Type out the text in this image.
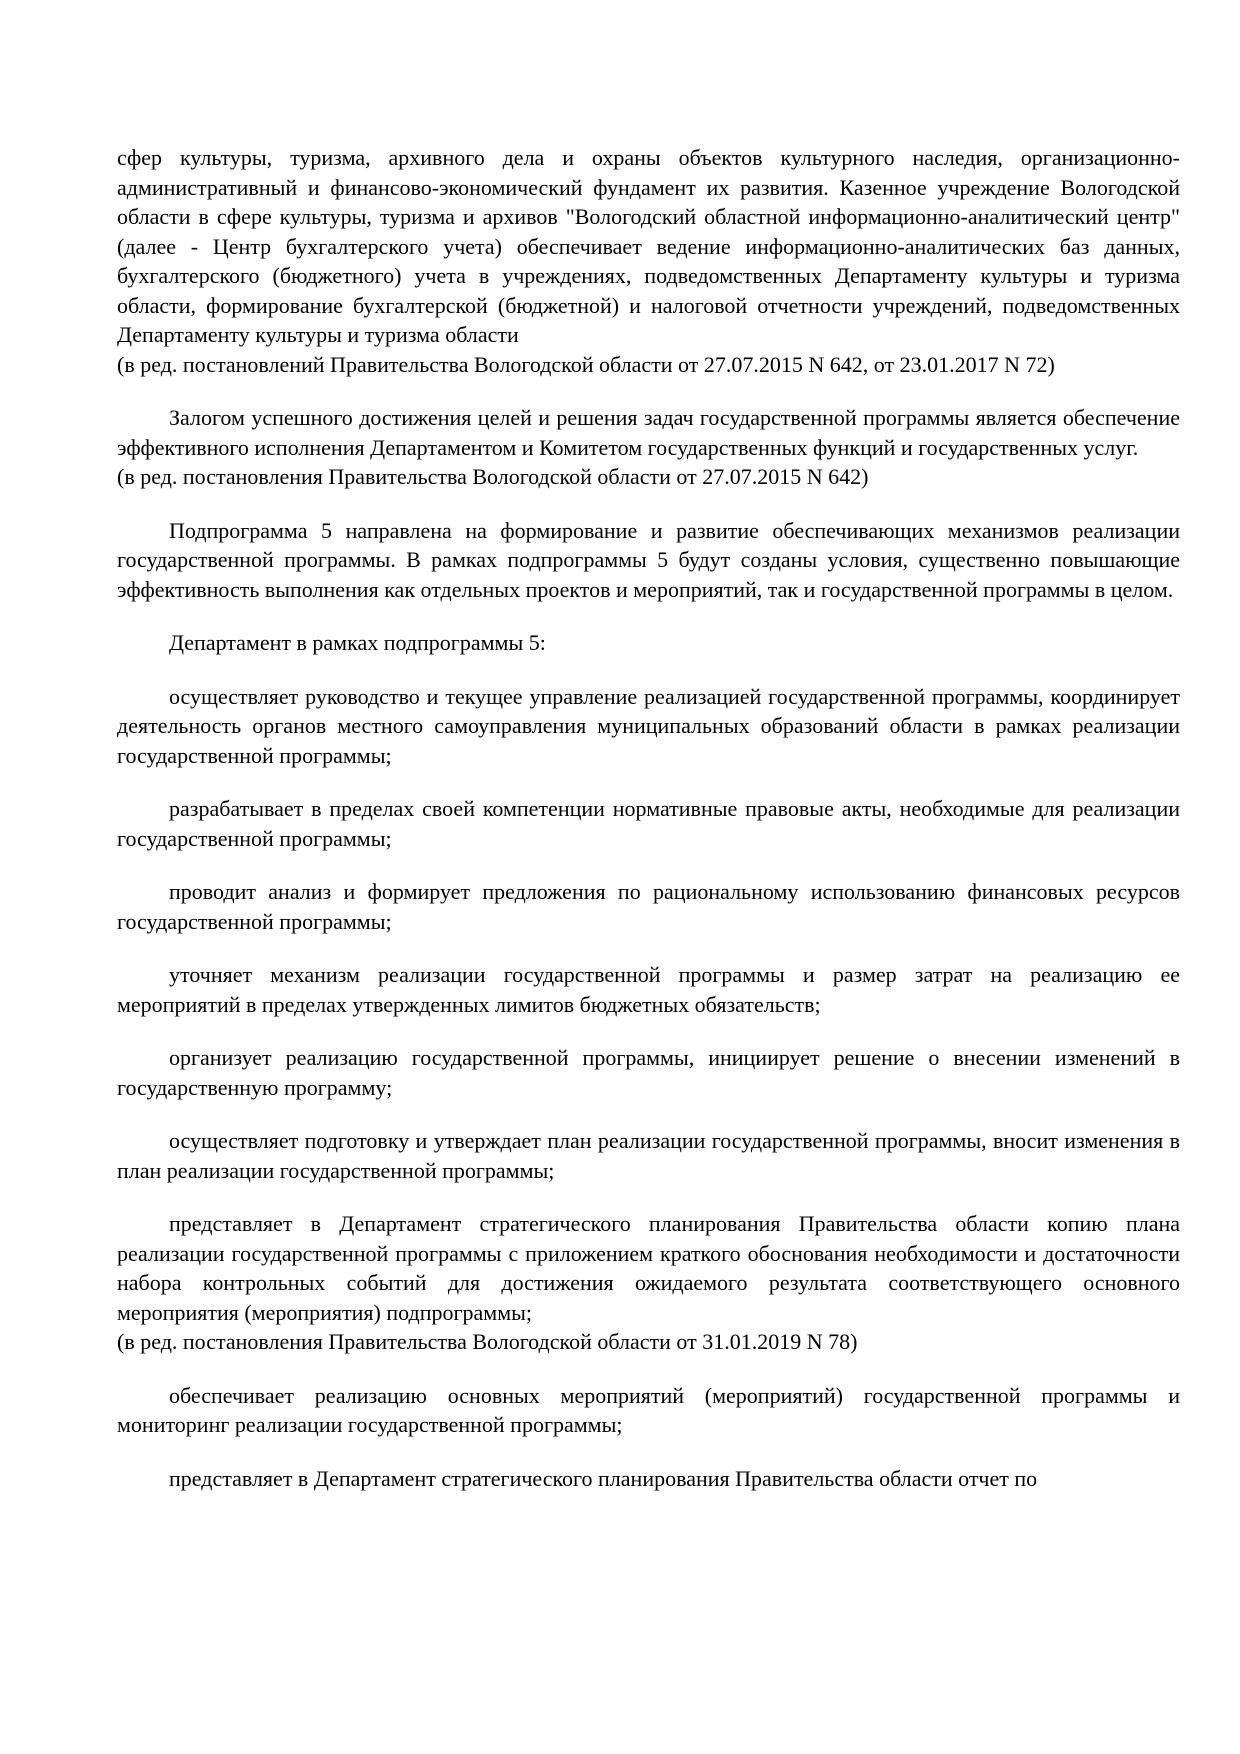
сфер культуры, туризма, архивного дела и охраны объектов культурного наследия, организационно-административный и финансово-экономический фундамент их развития. Казенное учреждение Вологодской области в сфере культуры, туризма и архивов "Вологодский областной информационно-аналитический центр" (далее - Центр бухгалтерского учета) обеспечивает ведение информационно-аналитических баз данных, бухгалтерского (бюджетного) учета в учреждениях, подведомственных Департаменту культуры и туризма области, формирование бухгалтерской (бюджетной) и налоговой отчетности учреждений, подведомственных Департаменту культуры и туризма области

(в ред. постановлений Правительства Вологодской области от 27.07.2015 N 642, от 23.01.2017 N 72)

Залогом успешного достижения целей и решения задач государственной программы является обеспечение эффективного исполнения Департаментом и Комитетом государственных функций и государственных услуг.

(в ред. постановления Правительства Вологодской области от 27.07.2015 N 642)

Подпрограмма 5 направлена на формирование и развитие обеспечивающих механизмов реализации государственной программы. В рамках подпрограммы 5 будут созданы условия, существенно повышающие эффективность выполнения как отдельных проектов и мероприятий, так и государственной программы в целом.

Департамент в рамках подпрограммы 5:

осуществляет руководство и текущее управление реализацией государственной программы, координирует деятельность органов местного самоуправления муниципальных образований области в рамках реализации государственной программы;

разрабатывает в пределах своей компетенции нормативные правовые акты, необходимые для реализации государственной программы;

проводит анализ и формирует предложения по рациональному использованию финансовых ресурсов государственной программы;

уточняет механизм реализации государственной программы и размер затрат на реализацию ее мероприятий в пределах утвержденных лимитов бюджетных обязательств;

организует реализацию государственной программы, инициирует решение о внесении изменений в государственную программу;

осуществляет подготовку и утверждает план реализации государственной программы, вносит изменения в план реализации государственной программы;

представляет в Департамент стратегического планирования Правительства области копию плана реализации государственной программы с приложением краткого обоснования необходимости и достаточности набора контрольных событий для достижения ожидаемого результата соответствующего основного мероприятия (мероприятия) подпрограммы;

(в ред. постановления Правительства Вологодской области от 31.01.2019 N 78)

обеспечивает реализацию основных мероприятий (мероприятий) государственной программы и мониторинг реализации государственной программы;

представляет в Департамент стратегического планирования Правительства области отчет по
